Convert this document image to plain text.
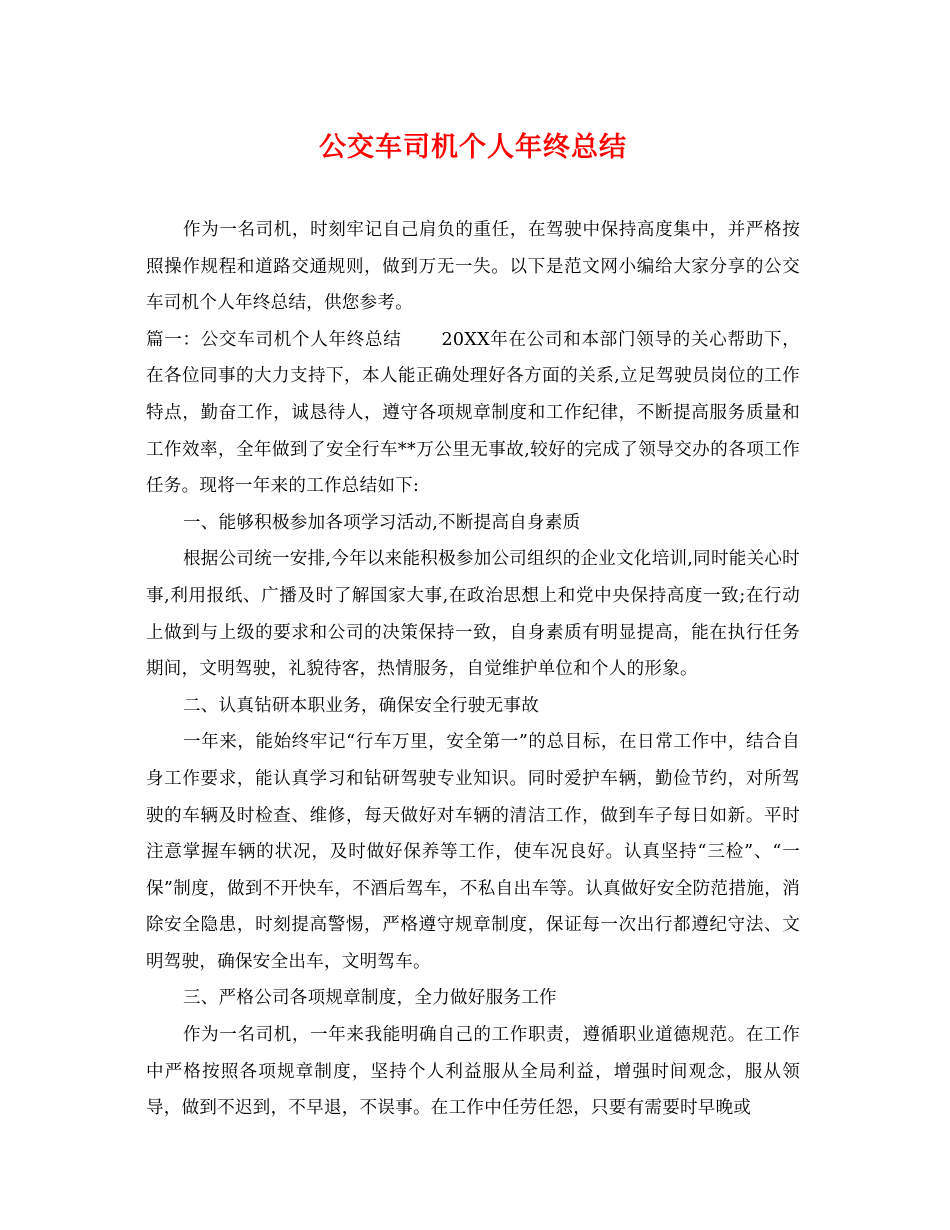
公交车司机个人年终总结

作为一名司机，时刻牢记自己肩负的重任，在驾驶中保持高度集中，并严格按照操作规程和道路交通规则，做到万无一失。以下是范文网小编给大家分享的公交车司机个人年终总结，供您参考。

篇一：公交车司机个人年终总结 20XX年在公司和本部门领导的关心帮助下，在各位同事的大力支持下，本人能正确处理好各方面的关系,立足驾驶员岗位的工作特点，勤奋工作，诚恳待人，遵守各项规章制度和工作纪律，不断提高服务质量和工作效率，全年做到了安全行车**万公里无事故,较好的完成了领导交办的各项工作任务。现将一年来的工作总结如下:

一、能够积极参加各项学习活动,不断提高自身素质

根据公司统一安排,今年以来能积极参加公司组织的企业文化培训,同时能关心时事,利用报纸、广播及时了解国家大事,在政治思想上和党中央保持高度一致;在行动上做到与上级的要求和公司的决策保持一致，自身素质有明显提高，能在执行任务期间，文明驾驶，礼貌待客，热情服务，自觉维护单位和个人的形象。

二、认真钻研本职业务，确保安全行驶无事故

一年来，能始终牢记“行车万里，安全第一”的总目标，在日常工作中，结合自身工作要求，能认真学习和钻研驾驶专业知识。同时爱护车辆，勤俭节约，对所驾驶的车辆及时检查、维修，每天做好对车辆的清洁工作，做到车子每日如新。平时注意掌握车辆的状况，及时做好保养等工作，使车况良好。认真坚持“三检”、“一保”制度，做到不开快车，不酒后驾车，不私自出车等。认真做好安全防范措施，消除安全隐患，时刻提高警惕，严格遵守规章制度，保证每一次出行都遵纪守法、文明驾驶，确保安全出车，文明驾车。

三、严格公司各项规章制度，全力做好服务工作

作为一名司机，一年来我能明确自己的工作职责，遵循职业道德规范。在工作中严格按照各项规章制度，坚持个人利益服从全局利益，增强时间观念，服从领导，做到不迟到，不早退，不误事。在工作中任劳任怨，只要有需要时早晚或
